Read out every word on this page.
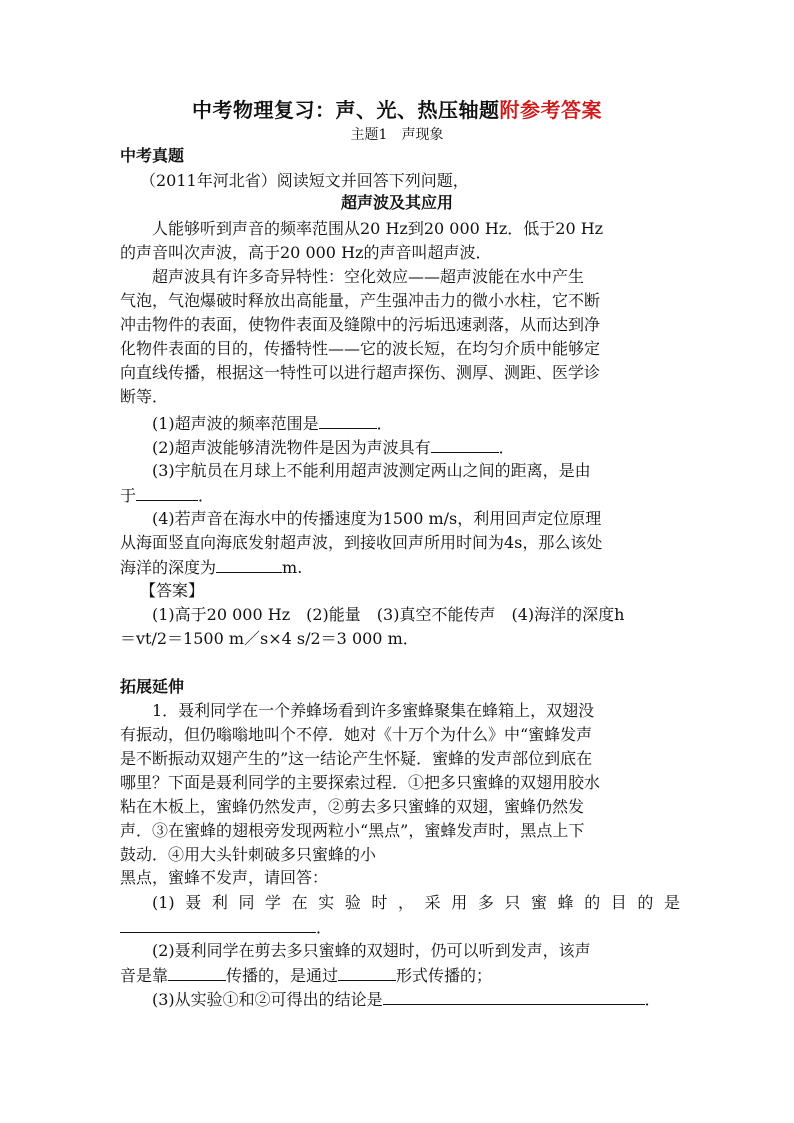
中考物理复习：声、光、热压轴题附参考答案
主题1　声现象
中考真题
（2011年河北省）阅读短文并回答下列问题，
超声波及其应用
人能够听到声音的频率范围从20 Hz到20 000 Hz．低于20 Hz
的声音叫次声波，高于20 000 Hz的声音叫超声波．
超声波具有许多奇异特性：空化效应——超声波能在水中产生
气泡，气泡爆破时释放出高能量，产生强冲击力的微小水柱，它不断
冲击物件的表面，使物件表面及缝隙中的污垢迅速剥落，从而达到净
化物件表面的目的，传播特性——它的波长短，在均匀介质中能够定
向直线传播，根据这一特性可以进行超声探伤、测厚、测距、医学诊
断等．
(1)超声波的频率范围是	．
(2)超声波能够清洗物件是因为声波具有	．
(3)宇航员在月球上不能利用超声波测定两山之间的距离，是由
于	．
(4)若声音在海水中的传播速度为1500 m/s，利用回声定位原理
从海面竖直向海底发射超声波，到接收回声所用时间为4s，那么该处
海洋的深度为	m.
【答案】
(1)高于20 000 Hz　(2)能量　(3)真空不能传声　(4)海洋的深度h
＝vt/2＝1500 m／s×4 s/2＝3 000 m．
拓展延伸
1．聂利同学在一个养蜂场看到许多蜜蜂聚集在蜂箱上，双翅没
有振动，但仍嗡嗡地叫个不停．她对《十万个为什么》中“蜜蜂发声
是不断振动双翅产生的”这一结论产生怀疑．蜜蜂的发声部位到底在
哪里？下面是聂利同学的主要探索过程．①把多只蜜蜂的双翅用胶水
粘在木板上，蜜蜂仍然发声，②剪去多只蜜蜂的双翅，蜜蜂仍然发
声．③在蜜蜂的翅根旁发现两粒小“黑点”，蜜蜂发声时，黑点上下
鼓动．④用大头针刺破多只蜜蜂的小
黑点，蜜蜂不发声，请回答：
(1)聂利同学在实验时，采用多只蜜蜂的目的是
．
(2)聂利同学在剪去多只蜜蜂的双翅时，仍可以听到发声，该声
音是靠	传播的，是通过	形式传播的；
(3)从实验①和②可得出的结论是	．
